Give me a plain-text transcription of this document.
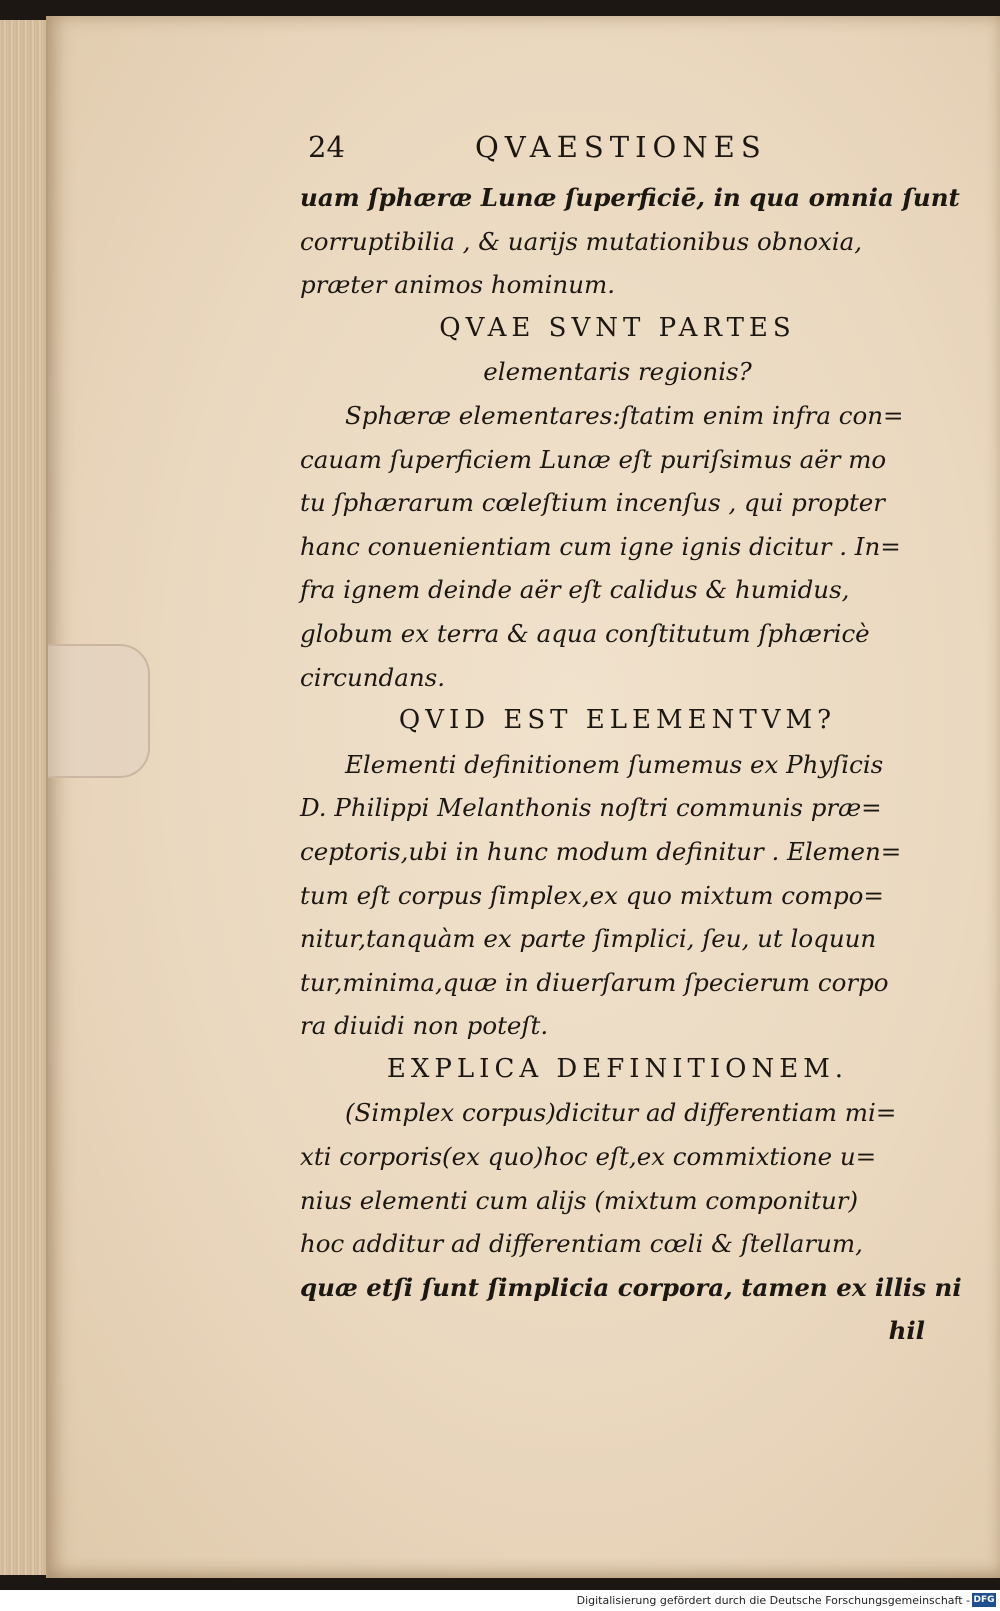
24	QVAESTIONES
uam ſphæræ Lunæ ſuperficiē, in qua omnia ſunt
corruptibilia , & uarijs mutationibus obnoxia,
præter animos hominum.
QVAE SVNT PARTES
elementaris regionis?
Sphæræ elementares:ſtatim enim infra con=
cauam ſuperficiem Lunæ eſt puriſsimus aër mo
tu ſphærarum cœleſtium incenſus , qui propter
hanc conuenientiam cum igne ignis dicitur . In=
fra ignem deinde aër eſt calidus & humidus,
globum ex terra & aqua conſtitutum ſphæricè
circundans.
QVID EST ELEMENTVM?
Elementi definitionem ſumemus ex Phyſicis
D. Philippi Melanthonis noſtri communis præ=
ceptoris,ubi in hunc modum definitur . Elemen=
tum eſt corpus ſimplex,ex quo mixtum compo=
nitur,tanquàm ex parte ſimplici, ſeu, ut loquun
tur,minima,quæ in diuerſarum ſpecierum corpo
ra diuidi non poteſt.
EXPLICA DEFINITIONEM.
(Simplex corpus)dicitur ad differentiam mi=
xti corporis(ex quo)hoc eſt,ex commixtione u=
nius elementi cum alijs (mixtum componitur)
hoc additur ad differentiam cœli & ſtellarum,
quæ etſi ſunt ſimplicia corpora, tamen ex illis ni
hil
Digitalisierung gefördert durch die Deutsche Forschungsgemeinschaft - DFG
